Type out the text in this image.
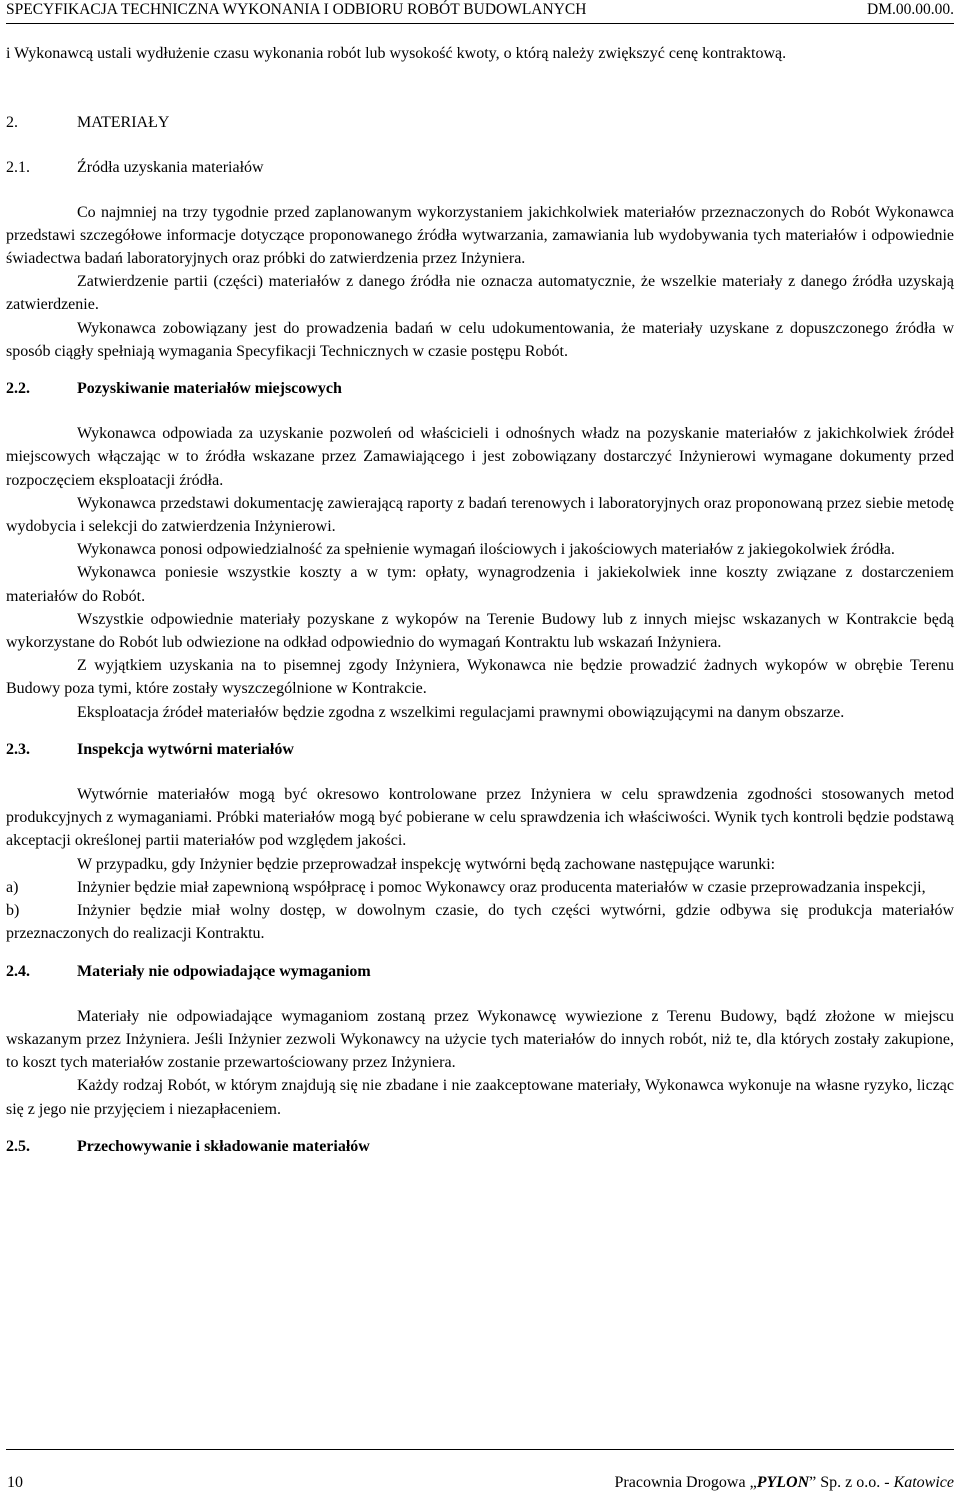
SPECYFIKACJA TECHNICZNA WYKONANIA I ODBIORU ROBÓT BUDOWLANYCH	DM.00.00.00.

i Wykonawcą ustali wydłużenie czasu wykonania robót lub wysokość kwoty, o którą należy zwiększyć cenę kontraktową.

2.	MATERIAŁY

2.1.	Źródła uzyskania materiałów

Co najmniej na trzy tygodnie przed zaplanowanym wykorzystaniem jakichkolwiek materiałów przeznaczonych do Robót Wykonawca przedstawi szczegółowe informacje dotyczące proponowanego źródła wytwarzania, zamawiania lub wydobywania tych materiałów i odpowiednie świadectwa badań laboratoryjnych oraz próbki do zatwierdzenia przez Inżyniera.

Zatwierdzenie partii (części) materiałów z danego źródła nie oznacza automatycznie, że wszelkie materiały z danego źródła uzyskają zatwierdzenie.

Wykonawca zobowiązany jest do prowadzenia badań w celu udokumentowania, że materiały uzyskane z dopuszczonego źródła w sposób ciągły spełniają wymagania Specyfikacji Technicznych w czasie postępu Robót.

2.2.	Pozyskiwanie materiałów miejscowych

Wykonawca odpowiada za uzyskanie pozwoleń od właścicieli i odnośnych władz na pozyskanie materiałów z jakichkolwiek źródeł miejscowych włączając w to źródła wskazane przez Zamawiającego i jest zobowiązany dostarczyć Inżynierowi wymagane dokumenty przed rozpoczęciem eksploatacji źródła.

Wykonawca przedstawi dokumentację zawierającą raporty z badań terenowych i laboratoryjnych oraz proponowaną przez siebie metodę wydobycia i selekcji do zatwierdzenia Inżynierowi.

Wykonawca ponosi odpowiedzialność za spełnienie wymagań ilościowych i jakościowych materiałów z jakiegokolwiek źródła.

Wykonawca poniesie wszystkie koszty a w tym: opłaty, wynagrodzenia i jakiekolwiek inne koszty związane z dostarczeniem materiałów do Robót.

Wszystkie odpowiednie materiały pozyskane z wykopów na Terenie Budowy lub z innych miejsc wskazanych w Kontrakcie będą wykorzystane do Robót lub odwiezione na odkład odpowiednio do wymagań Kontraktu lub wskazań Inżyniera.

Z wyjątkiem uzyskania na to pisemnej zgody Inżyniera, Wykonawca nie będzie prowadzić żadnych wykopów w obrębie Terenu Budowy poza tymi, które zostały wyszczególnione w Kontrakcie.

Eksploatacja źródeł materiałów będzie zgodna z wszelkimi regulacjami prawnymi obowiązującymi na danym obszarze.

2.3.	Inspekcja wytwórni materiałów

Wytwórnie materiałów mogą być okresowo kontrolowane przez Inżyniera w celu sprawdzenia zgodności stosowanych metod produkcyjnych z wymaganiami. Próbki materiałów mogą być pobierane w celu sprawdzenia ich właściwości. Wynik tych kontroli będzie podstawą akceptacji określonej partii materiałów pod względem jakości.

W przypadku, gdy Inżynier będzie przeprowadzał inspekcję wytwórni będą zachowane następujące warunki:

a)	Inżynier będzie miał zapewnioną współpracę i pomoc Wykonawcy oraz producenta materiałów w czasie przeprowadzania inspekcji,

b)	Inżynier będzie miał wolny dostęp, w dowolnym czasie, do tych części wytwórni, gdzie odbywa się produkcja materiałów przeznaczonych do realizacji Kontraktu.

2.4.	Materiały nie odpowiadające wymaganiom

Materiały nie odpowiadające wymaganiom zostaną przez Wykonawcę wywiezione z Terenu Budowy, bądź złożone w miejscu wskazanym przez Inżyniera. Jeśli Inżynier zezwoli Wykonawcy na użycie tych materiałów do innych robót, niż te, dla których zostały zakupione, to koszt tych materiałów zostanie przewartościowany przez Inżyniera.

Każdy rodzaj Robót, w którym znajdują się nie zbadane i nie zaakceptowane materiały, Wykonawca wykonuje na własne ryzyko, licząc się z jego nie przyjęciem i niezapłaceniem.

2.5.	Przechowywanie i składowanie materiałów

10	Pracownia Drogowa „PYLON” Sp. z o.o. - Katowice
